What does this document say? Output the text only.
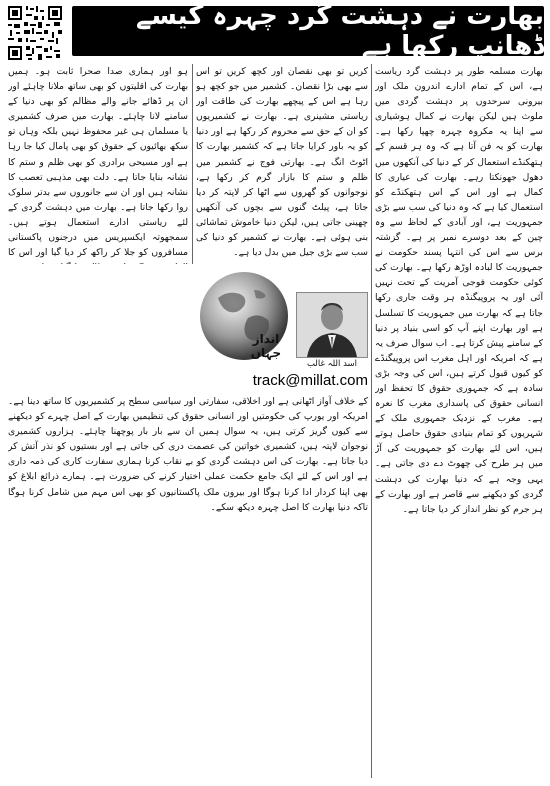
بھارت نے دہشت گرد چہرہ کیسے ڈھانپ رکھا ہے

بھارت مسلمہ طور پر دہشت گرد ریاست ہے، اس کے تمام ادارے اندرون ملک اور بیرونی سرحدوں پر دہشت گردی میں ملوث ہیں لیکن بھارت نے کمال ہوشیاری سے اپنا یہ مکروہ چہرہ چھپا رکھا ہے۔ بھارت کو یہ فن آتا ہے کہ وہ ہر قسم کے ہتھکنڈے استعمال کر کے دنیا کی آنکھوں میں دھول جھونکتا رہے۔ بھارت کی عیاری کا کمال ہے اور اس کے اس ہتھکنڈے کو استعمال کیا ہے کہ وہ دنیا کی سب سے بڑی جمہوریت ہے، اور آبادی کے لحاظ سے وہ چین کے بعد دوسرے نمبر پر ہے۔ گزشتہ برس سے اس کی انتہا پسند حکومت نے جمہوریت کا لبادہ اوڑھ رکھا ہے۔ بھارت کی کوئی حکومت فوجی آمریت کے تحت نہیں آئی اور یہ پروپیگنڈہ ہر وقت جاری رکھا جاتا ہے کہ بھارت میں جمہوریت کا تسلسل ہے اور بھارت اپنے آپ کو اسی بنیاد پر دنیا کے سامنے پیش کرتا ہے۔ اب سوال صرف یہ ہے کہ امریکہ اور اہل مغرب اس پروپیگنڈے کو کیوں قبول کرتے ہیں، اس کی وجہ بڑی سادہ ہے کہ جمہوری حقوق کا تحفظ اور انسانی حقوق کی پاسداری مغرب کا نعرہ ہے۔ مغرب کے نزدیک جمہوری ملک کے شہریوں کو تمام بنیادی حقوق حاصل ہوتے ہیں، اس لئے بھارت کو جمہوریت کی آڑ میں ہر طرح کی چھوٹ دے دی جاتی ہے۔ یہی وجہ ہے کہ دنیا بھارت کی دہشت گردی کو دیکھنے سے قاصر ہے اور بھارت کے ہر جرم کو نظر انداز کر دیا جاتا ہے۔

کریں تو بھی نقصان اور کچھ کریں تو اس سے بھی بڑا نقصان۔ کشمیر میں جو کچھ ہو رہا ہے اس کے پیچھے بھارت کی طاقت اور ریاستی مشینری ہے۔ بھارت نے کشمیریوں کو ان کے حق سے محروم کر رکھا ہے اور دنیا کو یہ باور کرایا جاتا ہے کہ کشمیر بھارت کا اٹوٹ انگ ہے۔ بھارتی فوج نے کشمیر میں ظلم و ستم کا بازار گرم کر رکھا ہے، نوجوانوں کو گھروں سے اٹھا کر لاپتہ کر دیا جاتا ہے، پیلٹ گنوں سے بچوں کی آنکھیں چھینی جاتی ہیں، لیکن دنیا خاموش تماشائی بنی ہوئی ہے۔ بھارت نے کشمیر کو دنیا کی سب سے بڑی جیل میں بدل دیا ہے۔

ہو اور ہماری صدا صحرا ثابت ہو۔ ہمیں بھارت کی اقلیتوں کو بھی ساتھ ملانا چاہئے اور ان پر ڈھائے جانے والے مظالم کو بھی دنیا کے سامنے لانا چاہئے۔ بھارت میں صرف کشمیری یا مسلمان ہی غیر محفوظ نہیں بلکہ وہاں تو سکھ بھائیوں کے حقوق کو بھی پامال کیا جا رہا ہے اور مسیحی برادری کو بھی ظلم و ستم کا نشانہ بنایا جاتا ہے۔ دلت بھی مذہبی تعصب کا نشانہ ہیں اور ان سے جانوروں سے بدتر سلوک روا رکھا جاتا ہے۔ بھارت میں دہشت گردی کے لئے ریاستی ادارے استعمال ہوتے ہیں۔ سمجھوتہ ایکسپریس میں درجنوں پاکستانی مسافروں کو جلا کر راکھ کر دیا گیا اور اس کا

انداز جہاں
اسد اللہ غالب
track@millat.com

کے خلاف آواز اٹھانی ہے اور اخلاقی، سفارتی اور سیاسی سطح پر کشمیریوں کا ساتھ دینا ہے۔ امریکہ اور یورپ کی حکومتیں اور انسانی حقوق کی تنظیمیں بھارت کے اصل چہرے کو دیکھنے سے کیوں گریز کرتی ہیں، یہ سوال ہمیں ان سے بار بار پوچھنا چاہئے۔ ہزاروں کشمیری نوجوان لاپتہ ہیں، کشمیری خواتین کی عصمت دری کی جاتی ہے اور بستیوں کو نذر آتش کر دیا جاتا ہے۔ بھارت کی اس دہشت گردی کو بے نقاب کرنا ہماری سفارت کاری کی ذمہ داری ہے اور اس کے لئے ایک جامع حکمت عملی اختیار کرنے کی ضرورت ہے۔ ہمارے ذرائع ابلاغ کو بھی اپنا کردار ادا کرنا ہوگا اور بیرون ملک پاکستانیوں کو بھی اس مہم میں شامل کرنا ہوگا تاکہ دنیا بھارت کا اصل چہرہ دیکھ سکے۔
